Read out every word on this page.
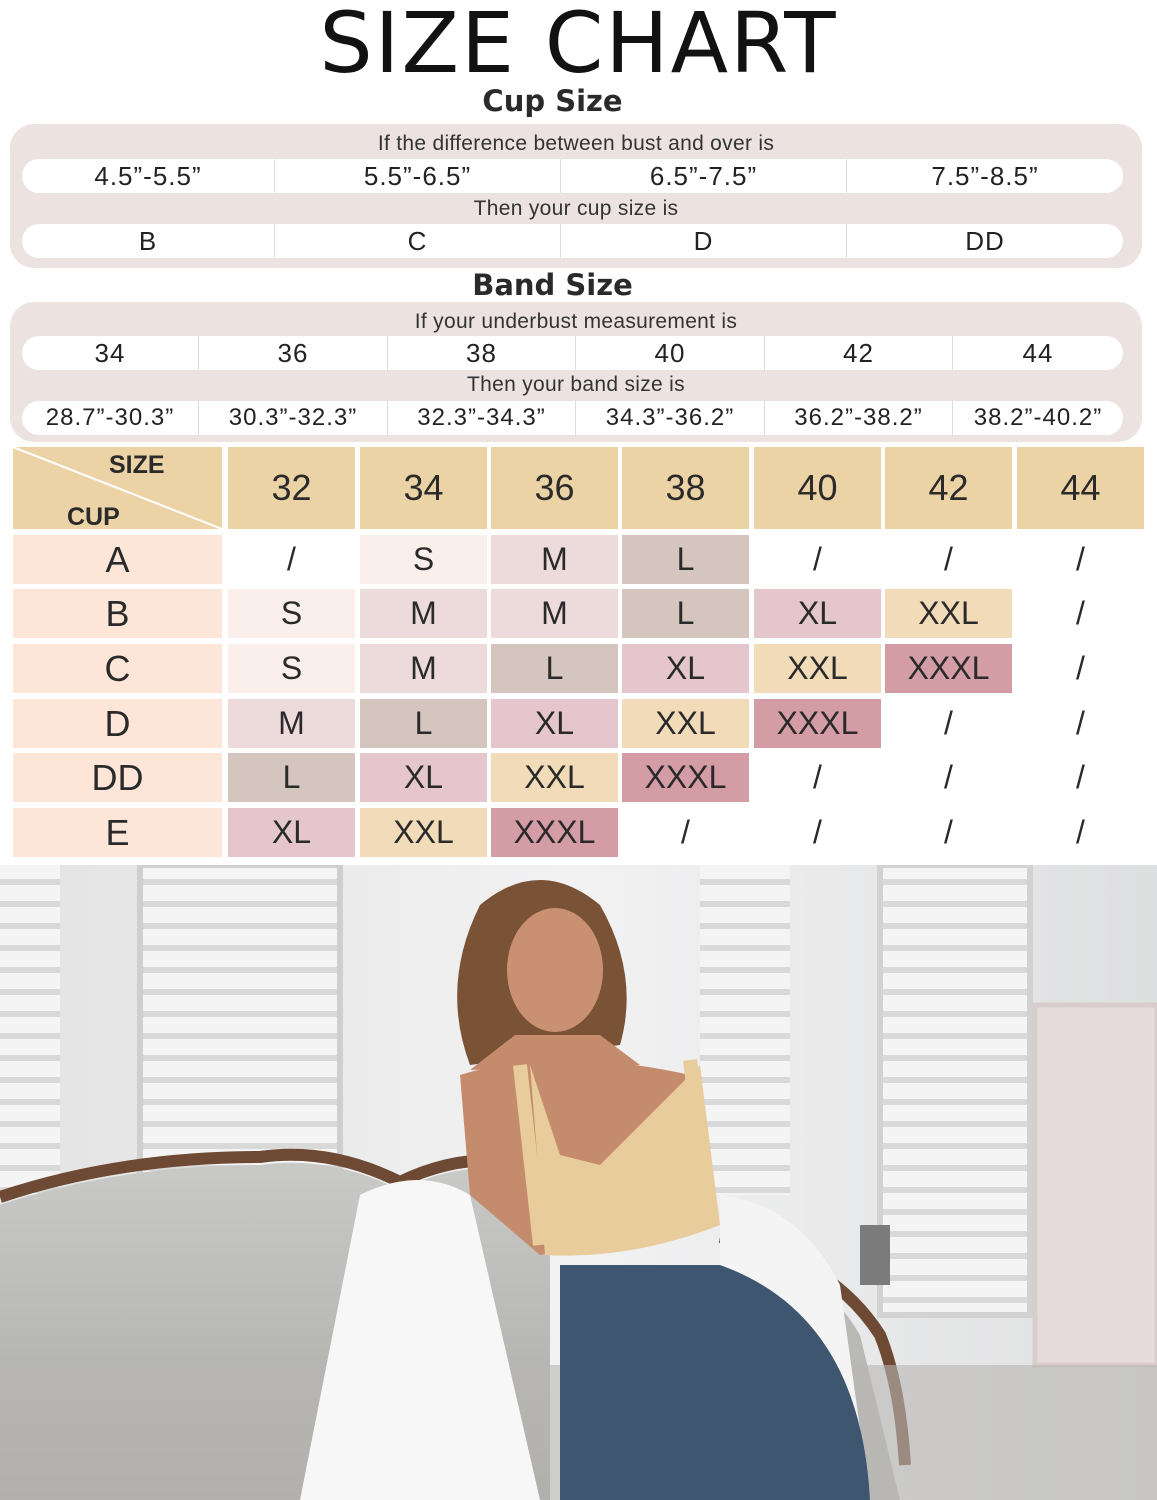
SIZE CHART
Cup Size
If the difference between bust and over is
4.5”-5.5”	5.5”-6.5”	6.5”-7.5”	7.5”-8.5”
Then your cup size is
B	C	D	DD
Band Size
If your underbust measurement is
34	36	38	40	42	44
Then your band size is
28.7”-30.3”	30.3”-32.3”	32.3”-34.3”	34.3”-36.2”	36.2”-38.2”	38.2”-40.2”
SIZE
CUP
32	34	36	38	40	42	44
A	/	S	M	L	/	/	/
B	S	M	M	L	XL	XXL	/
C	S	M	L	XL	XXL	XXXL	/
D	M	L	XL	XXL	XXXL	/	/
DD	L	XL	XXL	XXXL	/	/	/
E	XL	XXL	XXXL	/	/	/	/
